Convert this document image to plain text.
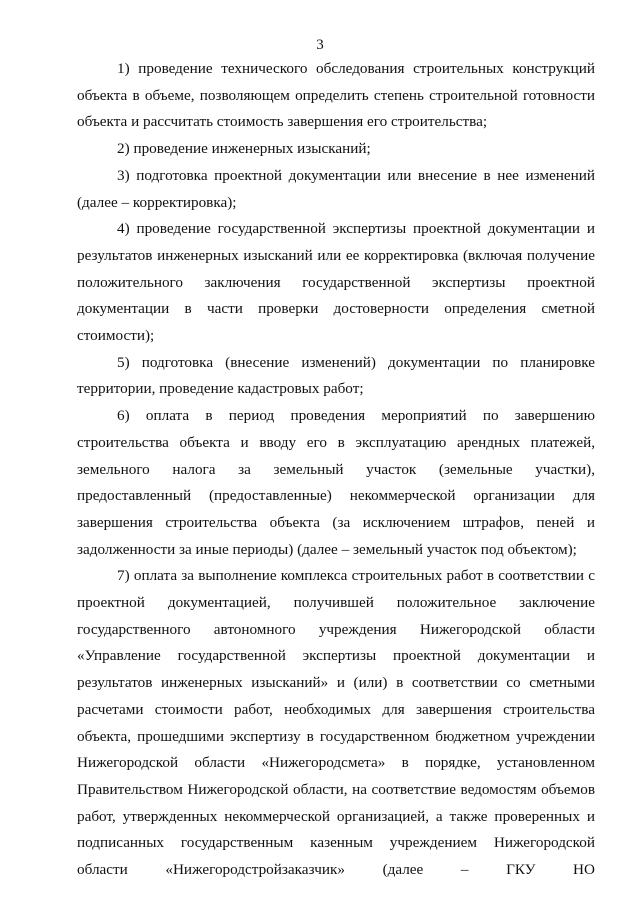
3
1) проведение технического обследования строительных конструкций
объекта в объеме, позволяющем определить степень строительной готовности
объекта и рассчитать стоимость завершения его строительства;
2) проведение инженерных изысканий;
3) подготовка проектной документации или внесение в нее изменений
(далее – корректировка);
4) проведение государственной экспертизы проектной документации и
результатов инженерных изысканий или ее корректировка (включая получение
положительного заключения государственной экспертизы проектной
документации в части проверки достоверности определения сметной
стоимости);
5) подготовка (внесение изменений) документации по планировке
территории, проведение кадастровых работ;
6) оплата в период проведения мероприятий по завершению
строительства объекта и вводу его в эксплуатацию арендных платежей,
земельного налога за земельный участок (земельные участки),
предоставленный (предоставленные) некоммерческой организации для
завершения строительства объекта (за исключением штрафов, пеней и
задолженности за иные периоды) (далее – земельный участок под объектом);
7) оплата за выполнение комплекса строительных работ в соответствии с
проектной документацией, получившей положительное заключение
государственного автономного учреждения Нижегородской области
«Управление государственной экспертизы проектной документации и
результатов инженерных изысканий» и (или) в соответствии со сметными
расчетами стоимости работ, необходимых для завершения строительства
объекта, прошедшими экспертизу в государственном бюджетном учреждении
Нижегородской области «Нижегородсмета» в порядке, установленном
Правительством Нижегородской области, на соответствие ведомостям объемов
работ, утвержденных некоммерческой организацией, а также проверенных и
подписанных государственным казенным учреждением Нижегородской
области «Нижегородстройзаказчик» (далее – ГКУ НО
